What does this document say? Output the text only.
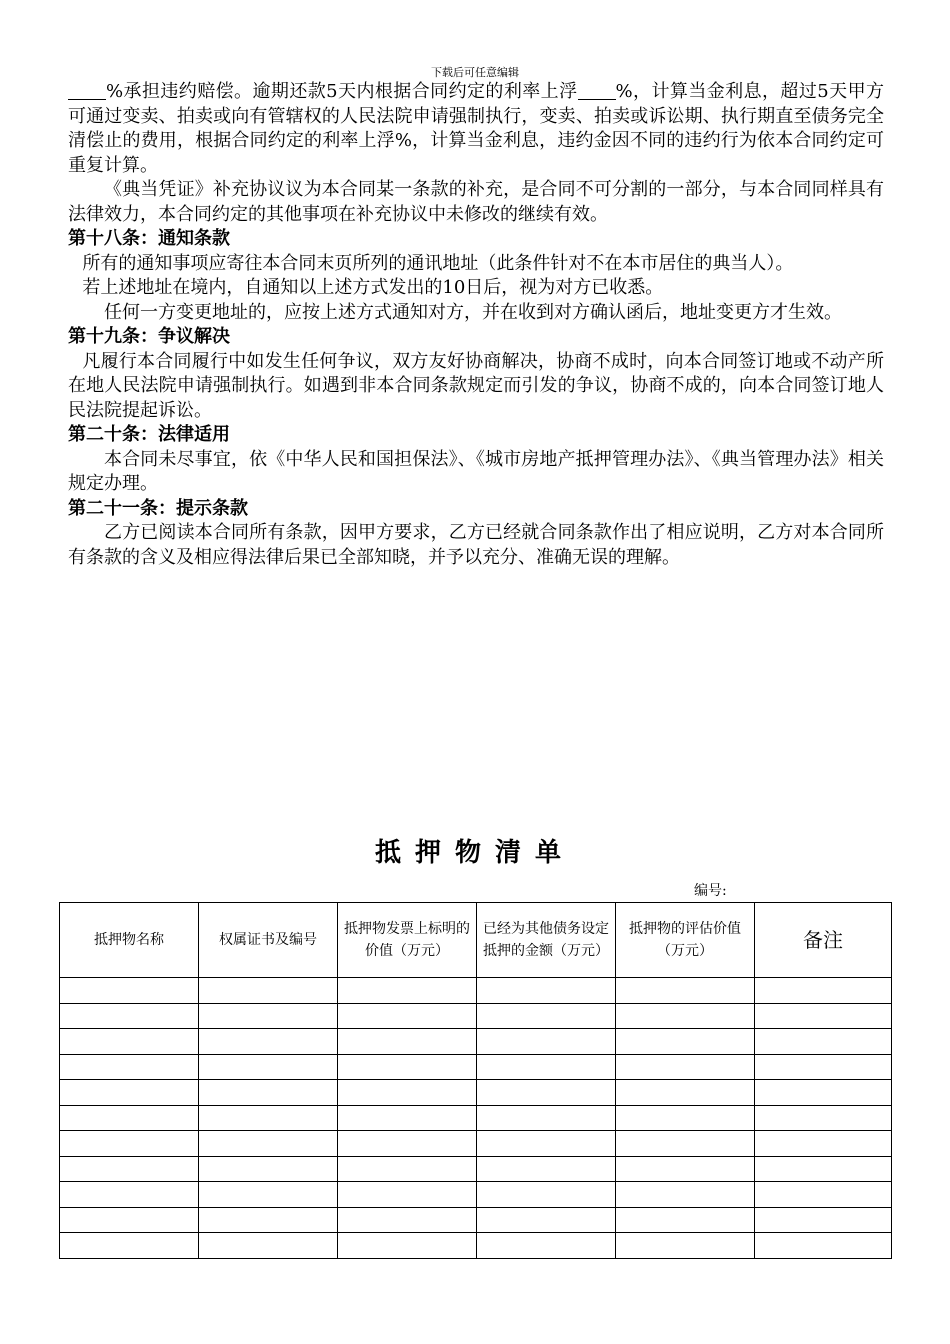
下载后可任意编辑

%承担违约赔偿。逾期还款5天内根据合同约定的利率上浮 %，计算当金利息，超过5天甲方可通过变卖、拍卖或向有管辖权的人民法院申请强制执行，变卖、拍卖或诉讼期、执行期直至债务完全清偿止的费用，根据合同约定的利率上浮%，计算当金利息，违约金因不同的违约行为依本合同约定可重复计算。

《典当凭证》补充协议议为本合同某一条款的补充，是合同不可分割的一部分，与本合同同样具有法律效力，本合同约定的其他事项在补充协议中未修改的继续有效。

第十八条：通知条款

所有的通知事项应寄往本合同末页所列的通讯地址（此条件针对不在本市居住的典当人）。

若上述地址在境内，自通知以上述方式发出的10日后，视为对方已收悉。

任何一方变更地址的，应按上述方式通知对方，并在收到对方确认函后，地址变更方才生效。

第十九条：争议解决

凡履行本合同履行中如发生任何争议，双方友好协商解决，协商不成时，向本合同签订地或不动产所在地人民法院申请强制执行。如遇到非本合同条款规定而引发的争议，协商不成的，向本合同签订地人民法院提起诉讼。

第二十条：法律适用

本合同未尽事宜，依《中华人民和国担保法》、《城市房地产抵押管理办法》、《典当管理办法》相关规定办理。

第二十一条：提示条款

乙方已阅读本合同所有条款，因甲方要求，乙方已经就合同条款作出了相应说明，乙方对本合同所有条款的含义及相应得法律后果已全部知晓，并予以充分、准确无误的理解。

抵押物清单
编号:
抵押物名称	权属证书及编号	抵押物发票上标明的价值（万元）	已经为其他债务设定抵押的金额（万元）	抵押物的评估价值（万元）	备注
